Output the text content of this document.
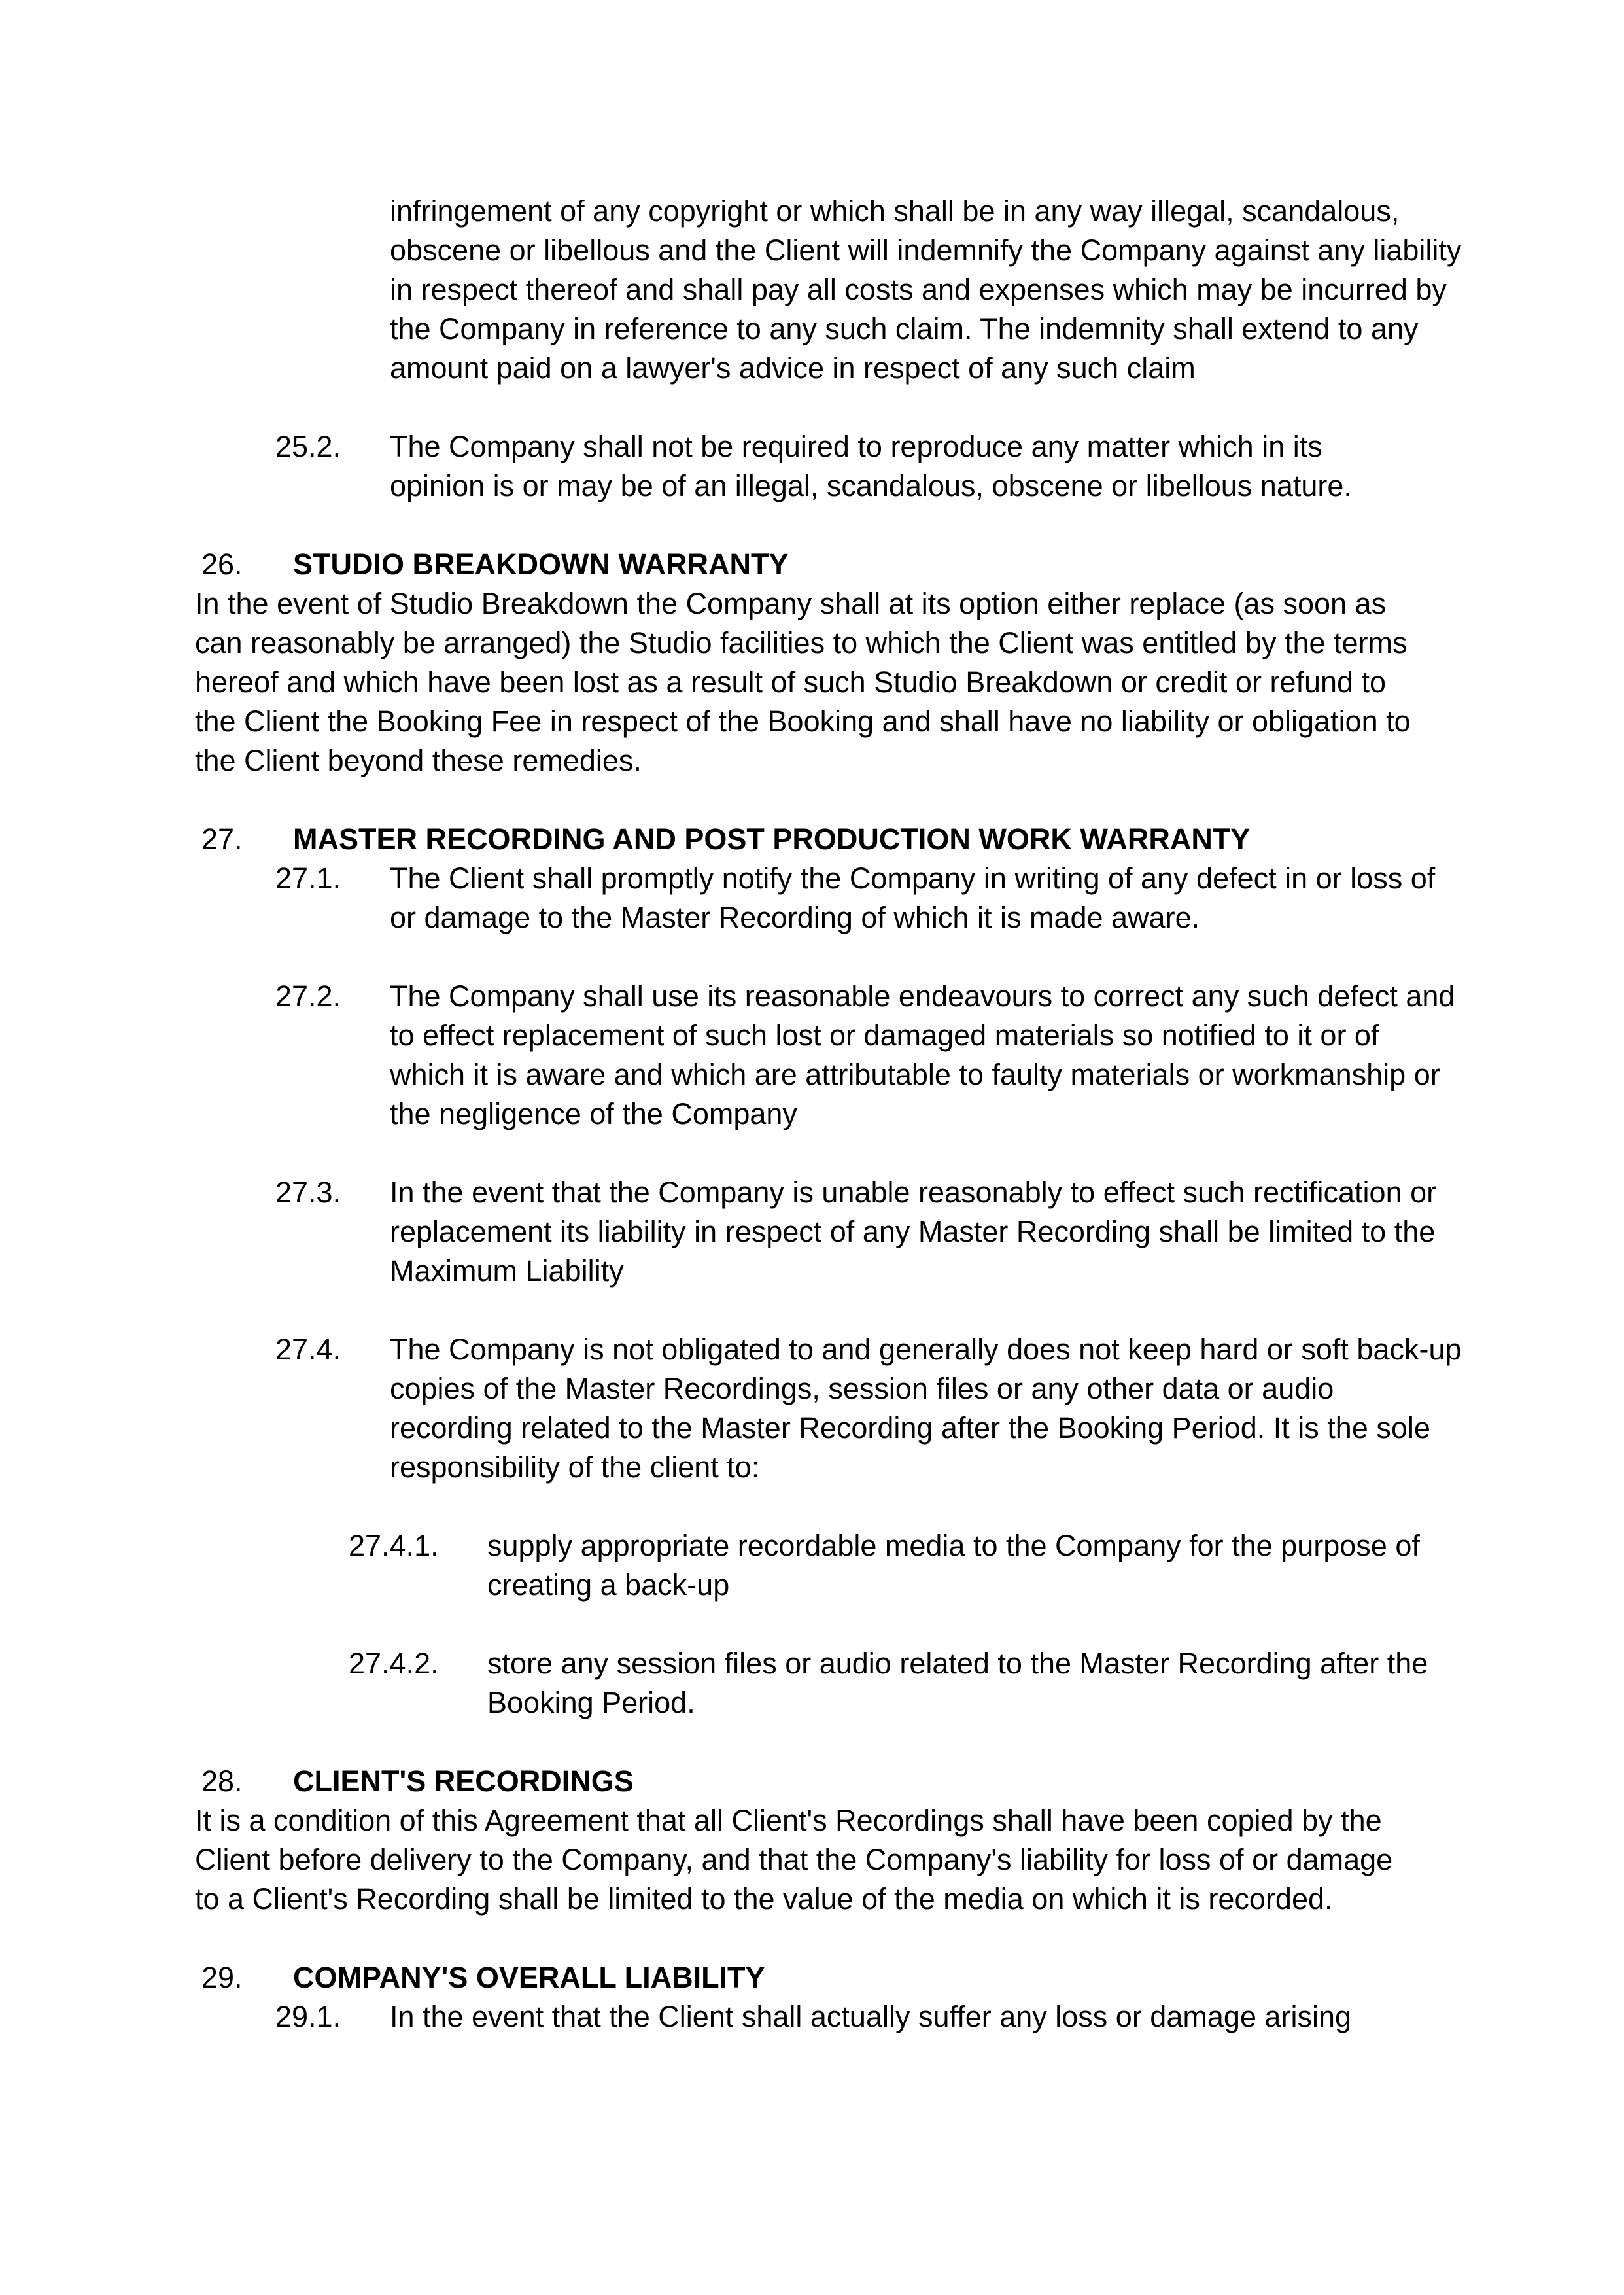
infringement of any copyright or which shall be in any way illegal, scandalous, obscene or libellous and the Client will indemnify the Company against any liability in respect thereof and shall pay all costs and expenses which may be incurred by the Company in reference to any such claim. The indemnity shall extend to any amount paid on a lawyer's advice in respect of any such claim

25.2. The Company shall not be required to reproduce any matter which in its opinion is or may be of an illegal, scandalous, obscene or libellous nature.

26. STUDIO BREAKDOWN WARRANTY

In the event of Studio Breakdown the Company shall at its option either replace (as soon as can reasonably be arranged) the Studio facilities to which the Client was entitled by the terms hereof and which have been lost as a result of such Studio Breakdown or credit or refund to the Client the Booking Fee in respect of the Booking and shall have no liability or obligation to the Client beyond these remedies.

27. MASTER RECORDING AND POST PRODUCTION WORK WARRANTY
27.1. The Client shall promptly notify the Company in writing of any defect in or loss of or damage to the Master Recording of which it is made aware.

27.2. The Company shall use its reasonable endeavours to correct any such defect and to effect replacement of such lost or damaged materials so notified to it or of which it is aware and which are attributable to faulty materials or workmanship or the negligence of the Company

27.3. In the event that the Company is unable reasonably to effect such rectification or replacement its liability in respect of any Master Recording shall be limited to the Maximum Liability

27.4. The Company is not obligated to and generally does not keep hard or soft back-up copies of the Master Recordings, session files or any other data or audio recording related to the Master Recording after the Booking Period. It is the sole responsibility of the client to:

27.4.1. supply appropriate recordable media to the Company for the purpose of creating a back-up

27.4.2. store any session files or audio related to the Master Recording after the Booking Period.

28. CLIENT'S RECORDINGS

It is a condition of this Agreement that all Client's Recordings shall have been copied by the Client before delivery to the Company, and that the Company's liability for loss of or damage to a Client's Recording shall be limited to the value of the media on which it is recorded.

29. COMPANY'S OVERALL LIABILITY
29.1. In the event that the Client shall actually suffer any loss or damage arising
